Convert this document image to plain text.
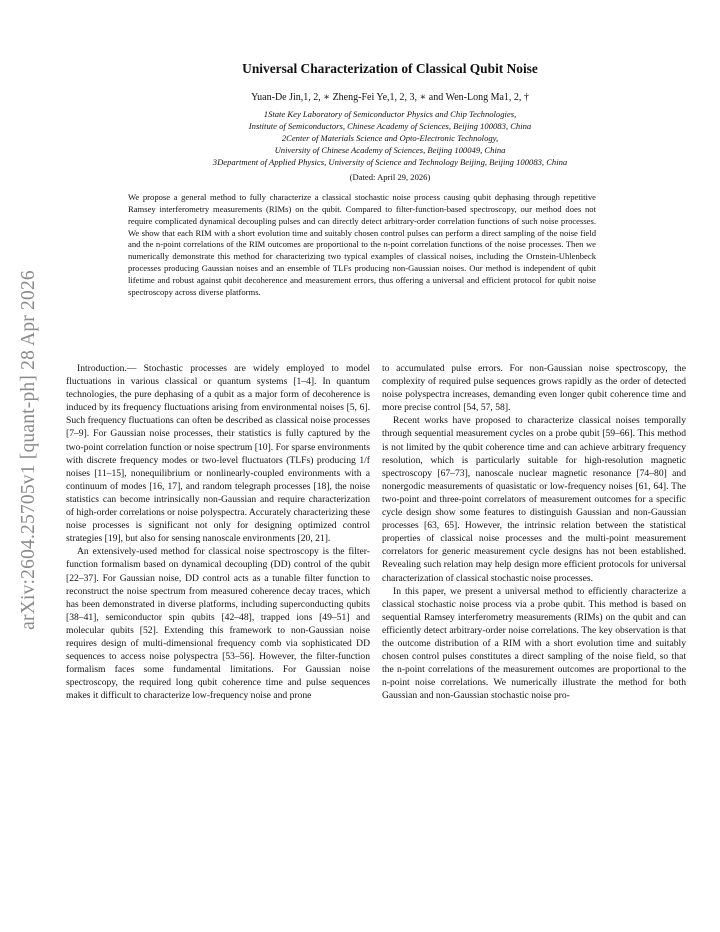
arXiv:2604.25705v1 [quant-ph] 28 Apr 2026
Universal Characterization of Classical Qubit Noise
Yuan-De Jin,1, 2, ∗ Zheng-Fei Ye,1, 2, 3, ∗ and Wen-Long Ma1, 2, †
1State Key Laboratory of Semiconductor Physics and Chip Technologies,
Institute of Semiconductors, Chinese Academy of Sciences, Beijing 100083, China
2Center of Materials Science and Opto-Electronic Technology,
University of Chinese Academy of Sciences, Beijing 100049, China
3Department of Applied Physics, University of Science and Technology Beijing, Beijing 100083, China
(Dated: April 29, 2026)
We propose a general method to fully characterize a classical stochastic noise process causing qubit dephasing through repetitive Ramsey interferometry measurements (RIMs) on the qubit. Compared to filter-function-based spectroscopy, our method does not require complicated dynamical decoupling pulses and can directly detect arbitrary-order correlation functions of such noise processes. We show that each RIM with a short evolution time and suitably chosen control pulses can perform a direct sampling of the noise field and the n-point correlations of the RIM outcomes are proportional to the n-point correlation functions of the noise processes. Then we numerically demonstrate this method for characterizing two typical examples of classical noises, including the Ornstein-Uhlenbeck processes producing Gaussian noises and an ensemble of TLFs producing non-Gaussian noises. Our method is independent of qubit lifetime and robust against qubit decoherence and measurement errors, thus offering a universal and efficient protocol for qubit noise spectroscopy across diverse platforms.

Introduction.— Stochastic processes are widely employed to model fluctuations in various classical or quantum systems [1–4]. In quantum technologies, the pure dephasing of a qubit as a major form of decoherence is induced by its frequency fluctuations arising from environmental noises [5, 6]. Such frequency fluctuations can often be described as classical noise processes [7–9]. For Gaussian noise processes, their statistics is fully captured by the two-point correlation function or noise spectrum [10]. For sparse environments with discrete frequency modes or two-level fluctuators (TLFs) producing 1/f noises [11–15], nonequilibrium or nonlinearly-coupled environments with a continuum of modes [16, 17], and random telegraph processes [18], the noise statistics can become intrinsically non-Gaussian and require characterization of high-order correlations or noise polyspectra. Accurately characterizing these noise processes is significant not only for designing optimized control strategies [19], but also for sensing nanoscale environments [20, 21].

An extensively-used method for classical noise spectroscopy is the filter-function formalism based on dynamical decoupling (DD) control of the qubit [22–37]. For Gaussian noise, DD control acts as a tunable filter function to reconstruct the noise spectrum from measured coherence decay traces, which has been demonstrated in diverse platforms, including superconducting qubits [38–41], semiconductor spin qubits [42–48], trapped ions [49–51] and molecular qubits [52]. Extending this framework to non-Gaussian noise requires design of multi-dimensional frequency comb via sophisticated DD sequences to access noise polyspectra [53–56]. However, the filter-function formalism faces some fundamental limitations. For Gaussian noise spectroscopy, the required long qubit coherence time and pulse sequences makes it difficult to characterize low-frequency noise and prone

to accumulated pulse errors. For non-Gaussian noise spectroscopy, the complexity of required pulse sequences grows rapidly as the order of detected noise polyspectra increases, demanding even longer qubit coherence time and more precise control [54, 57, 58].

Recent works have proposed to characterize classical noises temporally through sequential measurement cycles on a probe qubit [59–66]. This method is not limited by the qubit coherence time and can achieve arbitrary frequency resolution, which is particularly suitable for high-resolution magnetic spectroscopy [67–73], nanoscale nuclear magnetic resonance [74–80] and nonergodic measurements of quasistatic or low-frequency noises [61, 64]. The two-point and three-point correlators of measurement outcomes for a specific cycle design show some features to distinguish Gaussian and non-Gaussian processes [63, 65]. However, the intrinsic relation between the statistical properties of classical noise processes and the multi-point measurement correlators for generic measurement cycle designs has not been established. Revealing such relation may help design more efficient protocols for universal characterization of classical stochastic noise processes.

In this paper, we present a universal method to efficiently characterize a classical stochastic noise process via a probe qubit. This method is based on sequential Ramsey interferometry measurements (RIMs) on the qubit and can efficiently detect arbitrary-order noise correlations. The key observation is that the outcome distribution of a RIM with a short evolution time and suitably chosen control pulses constitutes a direct sampling of the noise field, so that the n-point correlations of the measurement outcomes are proportional to the n-point noise correlations. We numerically illustrate the method for both Gaussian and non-Gaussian stochastic noise pro-
